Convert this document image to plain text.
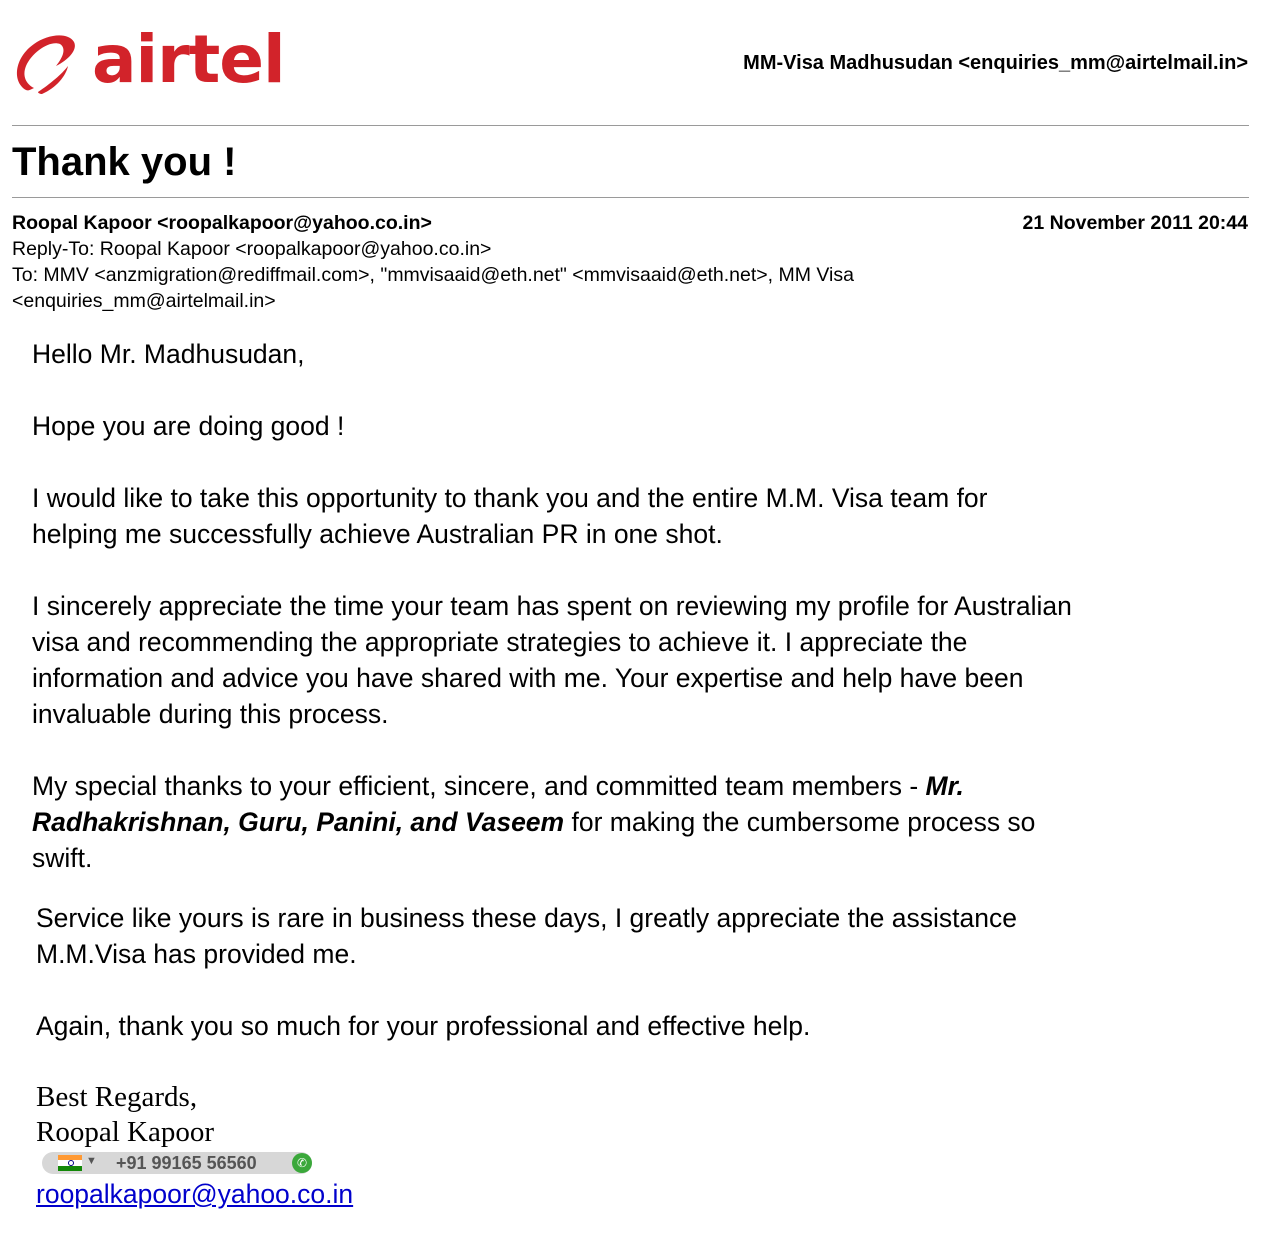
airtel	MM-Visa Madhusudan <enquiries_mm@airtelmail.in>
Thank you !
Roopal Kapoor <roopalkapoor@yahoo.co.in>	21 November 2011 20:44
Reply-To: Roopal Kapoor <roopalkapoor@yahoo.co.in>
To: MMV <anzmigration@rediffmail.com>, "mmvisaaid@eth.net" <mmvisaaid@eth.net>, MM Visa
<enquiries_mm@airtelmail.in>

Hello Mr. Madhusudan,

Hope you are doing good !

I would like to take this opportunity to thank you and the entire M.M. Visa team for

helping me successfully achieve Australian PR in one shot.

I sincerely appreciate the time your team has spent on reviewing my profile for Australian

visa and recommending the appropriate strategies to achieve it. I appreciate the

information and advice you have shared with me. Your expertise and help have been

invaluable during this process.

My special thanks to your efficient, sincere, and committed team members - Mr.

Radhakrishnan, Guru, Panini, and Vaseem for making the cumbersome process so

swift.

Service like yours is rare in business these days, I greatly appreciate the assistance

M.M.Visa has provided me.

Again, thank you so much for your professional and effective help.

Best Regards,
Roopal Kapoor
▼ +91 99165 56560	✆
roopalkapoor@yahoo.co.in
